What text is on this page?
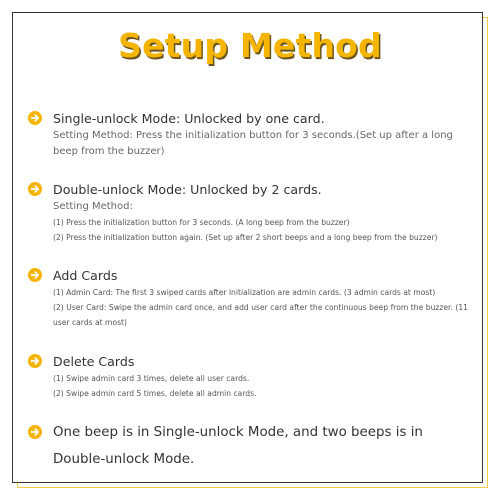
Setup Method
Single-unlock Mode: Unlocked by one card.
Setting Method: Press the initialization button for 3 seconds.(Set up after a long beep from the buzzer)
Double-unlock Mode: Unlocked by 2 cards.
Setting Method:
(1) Press the initialization button for 3 seconds. (A long beep from the buzzer)
(2) Press the initialization button again. (Set up after 2 short beeps and a long beep from the buzzer)
Add Cards
(1) Admin Card: The first 3 swiped cards after initialization are admin cards. (3 admin cards at most)
(2) User Card: Swipe the admin card once, and add user card after the continuous beep from the buzzer. (11 user cards at most)
Delete Cards
(1) Swipe admin card 3 times, delete all user cards.
(2) Swipe admin card 5 times, delete all admin cards.
One beep is in Single-unlock Mode, and two beeps is in Double-unlock Mode.
